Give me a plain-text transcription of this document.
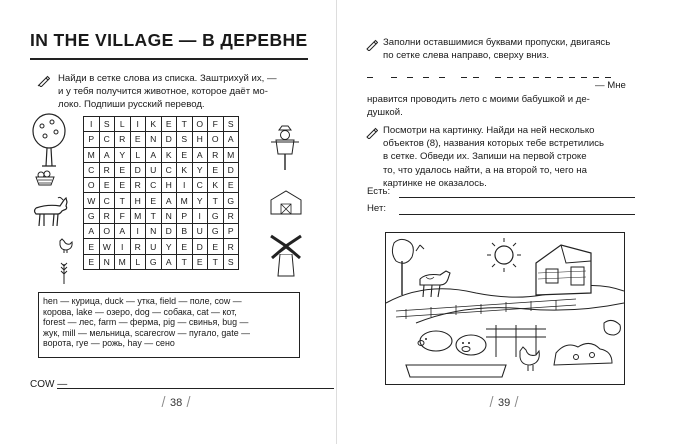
IN THE VILLAGE — В ДЕРЕВНЕ
Найди в сетке слова из списка. Заштрихуй их, —
и у тебя получится животное, которое даёт мо-
локо. Подпиши русский перевод.
I	S	L	I	K	E	T	O	F	S
P	C	R	E	N	D	S	H	O	A
M	A	Y	L	A	K	E	A	R	M
C	R	E	D	U	C	K	Y	E	D
O	E	E	R	C	H	I	C	K	E
W	C	T	H	E	A	M	Y	T	G
G	R	F	M	T	N	P	I	G	R
A	O	A	I	N	D	B	U	G	P
E	W	I	R	U	Y	E	D	E	R
E	N	M	L	G	A	T	E	T	S

hen — курица, duck — утка, field — поле, cow —

корова, lake — озеро, dog — собака, cat — кот,

forest — лес, farm — ферма, pig — свинья, bug —

жук, mill — мельница, scarecrow — пугало, gate —

ворота, rye — рожь, hay — сено

COW —
38
Заполни оставшимися буквами пропуски, двигаясь
по сетке слева направо, сверху вниз.
— Мне
нравится проводить лето с моими бабушкой и де-
душкой.
Посмотри на картинку. Найди на ней несколько
объектов (8), названия которых тебе встретились
в сетке. Обведи их. Запиши на первой строке
то, что удалось найти, а на второй то, чего на
картинке не оказалось.
Есть:
Нет:
39
